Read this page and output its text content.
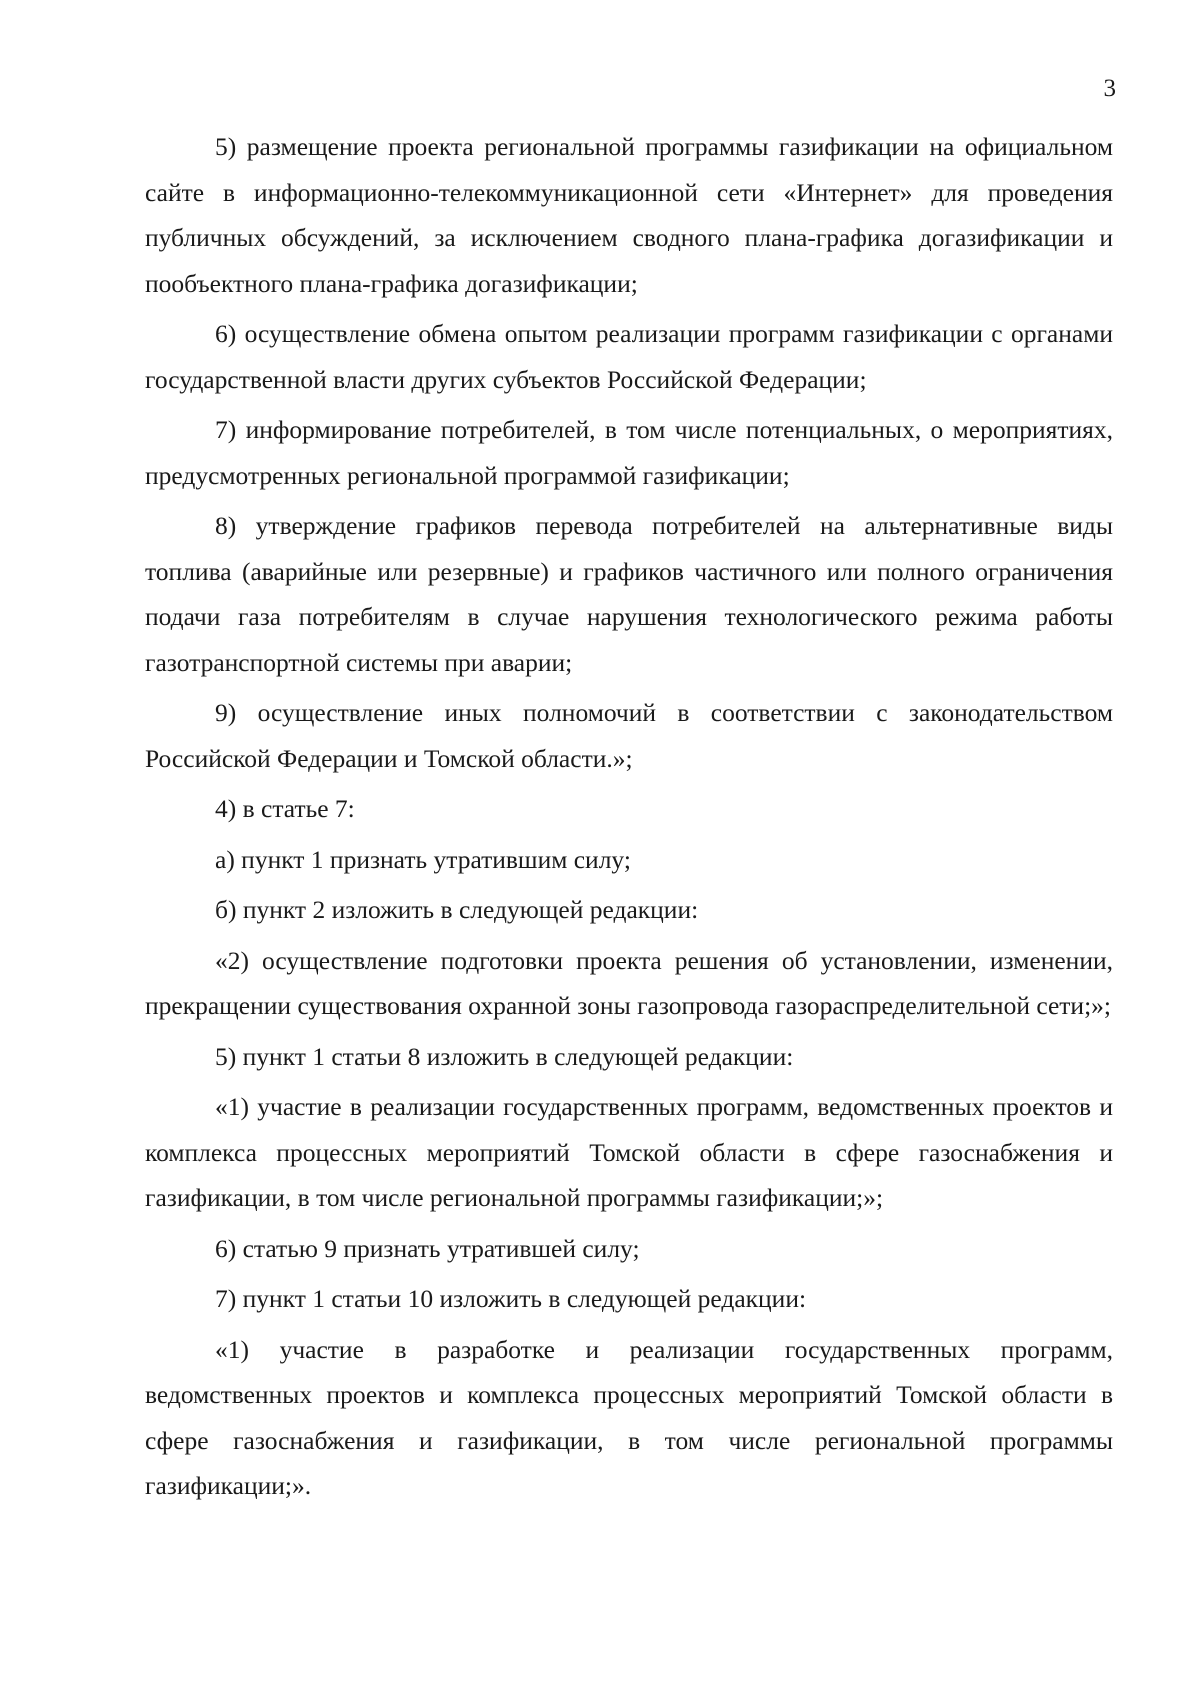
3

5) размещение проекта региональной программы газификации на официальном сайте в информационно-телекоммуникационной сети «Интернет» для проведения публичных обсуждений, за исключением сводного плана-графика догазификации и пообъектного плана-графика догазификации;

6) осуществление обмена опытом реализации программ газификации с органами государственной власти других субъектов Российской Федерации;

7) информирование потребителей, в том числе потенциальных, о мероприятиях, предусмотренных региональной программой газификации;

8) утверждение графиков перевода потребителей на альтернативные виды топлива (аварийные или резервные) и графиков частичного или полного ограничения подачи газа потребителям в случае нарушения технологического режима работы газотранспортной системы при аварии;

9) осуществление иных полномочий в соответствии с законодательством Российской Федерации и Томской области.»;

4) в статье 7:

а) пункт 1 признать утратившим силу;

б) пункт 2 изложить в следующей редакции:

«2) осуществление подготовки проекта решения об установлении, изменении, прекращении существования охранной зоны газопровода газораспределительной сети;»;

5) пункт 1 статьи 8 изложить в следующей редакции:

«1) участие в реализации государственных программ, ведомственных проектов и комплекса процессных мероприятий Томской области в сфере газоснабжения и газификации, в том числе региональной программы газификации;»;

6) статью 9 признать утратившей силу;

7) пункт 1 статьи 10 изложить в следующей редакции:

«1) участие в разработке и реализации государственных программ, ведомственных проектов и комплекса процессных мероприятий Томской области в сфере газоснабжения и газификации, в том числе региональной программы газификации;».
